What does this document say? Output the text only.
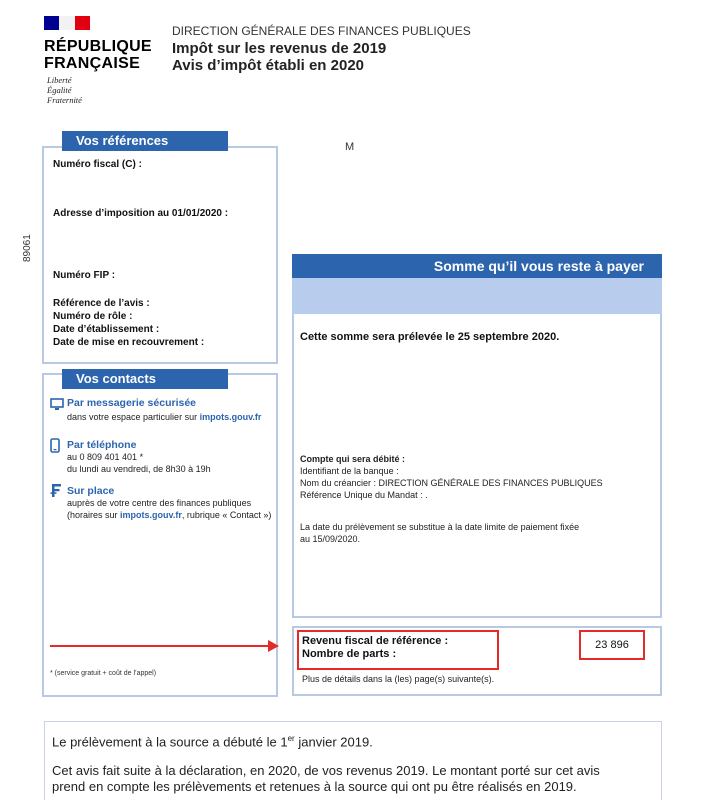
RÉPUBLIQUE
FRANÇAISE
Liberté
Égalité
Fraternité
DIRECTION GÉNÉRALE DES FINANCES PUBLIQUES
Impôt sur les revenus de 2019
Avis d’impôt établi en 2020
M
89061
Vos références
Numéro fiscal (C) :
Adresse d’imposition au 01/01/2020 :
Numéro FIP :
Référence de l’avis :
Numéro de rôle :
Date d’établissement :
Date de mise en recouvrement :
Vos contacts
Par messagerie sécurisée
dans votre espace particulier sur impots.gouv.fr
Par téléphone
au 0 809 401 401 *
du lundi au vendredi, de 8h30 à 19h
Sur place
auprès de votre centre des finances publiques
(horaires sur impots.gouv.fr, rubrique « Contact »)
* (service gratuit + coût de l’appel)
Somme qu’il vous reste à payer
Cette somme sera prélevée le 25 septembre 2020.
Compte qui sera débité :
Identifiant de la banque :
Nom du créancier : DIRECTION GÉNÉRALE DES FINANCES PUBLIQUES
Référence Unique du Mandat : .
La date du prélèvement se substitue à la date limite de paiement fixée
au 15/09/2020.
Revenu fiscal de référence :
Nombre de parts :
23 896
Plus de détails dans la (les) page(s) suivante(s).
Le prélèvement à la source a débuté le 1er janvier 2019.
Cet avis fait suite à la déclaration, en 2020, de vos revenus 2019. Le montant porté sur cet avis
prend en compte les prélèvements et retenues à la source qui ont pu être réalisés en 2019.
